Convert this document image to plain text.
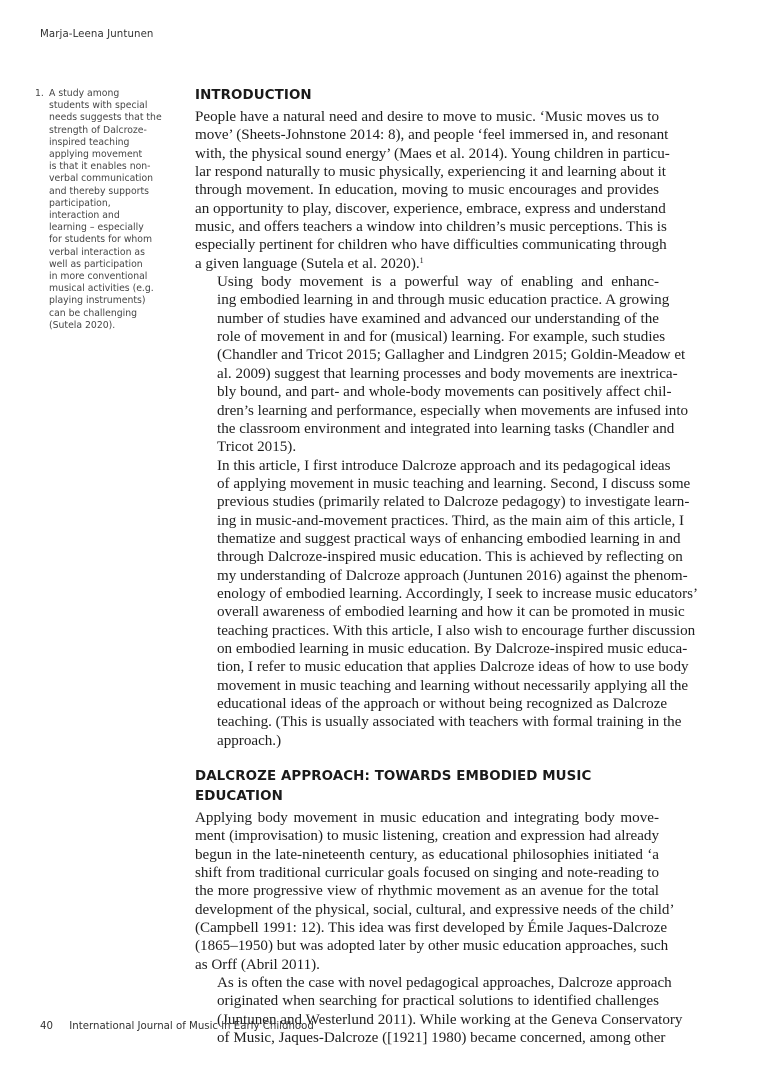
Marja-Leena Juntunen
1. A study among
students with special
needs suggests that the
strength of Dalcroze-
inspired teaching
applying movement
is that it enables non-
verbal communication
and thereby supports
participation,
interaction and
learning – especially
for students for whom
verbal interaction as
well as participation
in more conventional
musical activities (e.g.
playing instruments)
can be challenging
(Sutela 2020).
INTRODUCTION

People have a natural need and desire to move to music. ‘Music moves us to
move’ (Sheets-Johnstone 2014: 8), and people ‘feel immersed in, and resonant
with, the physical sound energy’ (Maes et al. 2014). Young children in particu-
lar respond naturally to music physically, experiencing it and learning about it
through movement. In education, moving to music encourages and provides
an opportunity to play, discover, experience, embrace, express and understand
music, and offers teachers a window into children’s music perceptions. This is
especially pertinent for children who have difficulties communicating through
a given language (Sutela et al. 2020).$^1$

Using body movement is a powerful way of enabling and enhanc-
ing embodied learning in and through music education practice. A growing
number of studies have examined and advanced our understanding of the
role of movement in and for (musical) learning. For example, such studies
(Chandler and Tricot 2015; Gallagher and Lindgren 2015; Goldin-Meadow et
al. 2009) suggest that learning processes and body movements are inextrica-
bly bound, and part- and whole-body movements can positively affect chil-
dren’s learning and performance, especially when movements are infused into
the classroom environment and integrated into learning tasks (Chandler and
Tricot 2015).

In this article, I first introduce Dalcroze approach and its pedagogical ideas
of applying movement in music teaching and learning. Second, I discuss some
previous studies (primarily related to Dalcroze pedagogy) to investigate learn-
ing in music-and-movement practices. Third, as the main aim of this article, I
thematize and suggest practical ways of enhancing embodied learning in and
through Dalcroze-inspired music education. This is achieved by reflecting on
my understanding of Dalcroze approach (Juntunen 2016) against the phenom-
enology of embodied learning. Accordingly, I seek to increase music educators’
overall awareness of embodied learning and how it can be promoted in music
teaching practices. With this article, I also wish to encourage further discussion
on embodied learning in music education. By Dalcroze-inspired music educa-
tion, I refer to music education that applies Dalcroze ideas of how to use body
movement in music teaching and learning without necessarily applying all the
educational ideas of the approach or without being recognized as Dalcroze
teaching. (This is usually associated with teachers with formal training in the
approach.)

DALCROZE APPROACH: TOWARDS EMBODIED MUSIC EDUCATION

Applying body movement in music education and integrating body move-
ment (improvisation) to music listening, creation and expression had already
begun in the late-nineteenth century, as educational philosophies initiated ‘a
shift from traditional curricular goals focused on singing and note-reading to
the more progressive view of rhythmic movement as an avenue for the total
development of the physical, social, cultural, and expressive needs of the child’
(Campbell 1991: 12). This idea was first developed by Émile Jaques-Dalcroze
(1865–1950) but was adopted later by other music education approaches, such
as Orff (Abril 2011).

As is often the case with novel pedagogical approaches, Dalcroze approach
originated when searching for practical solutions to identified challenges
(Juntunen and Westerlund 2011). While working at the Geneva Conservatory
of Music, Jaques-Dalcroze ([1921] 1980) became concerned, among other

40 International Journal of Music in Early Childhood
